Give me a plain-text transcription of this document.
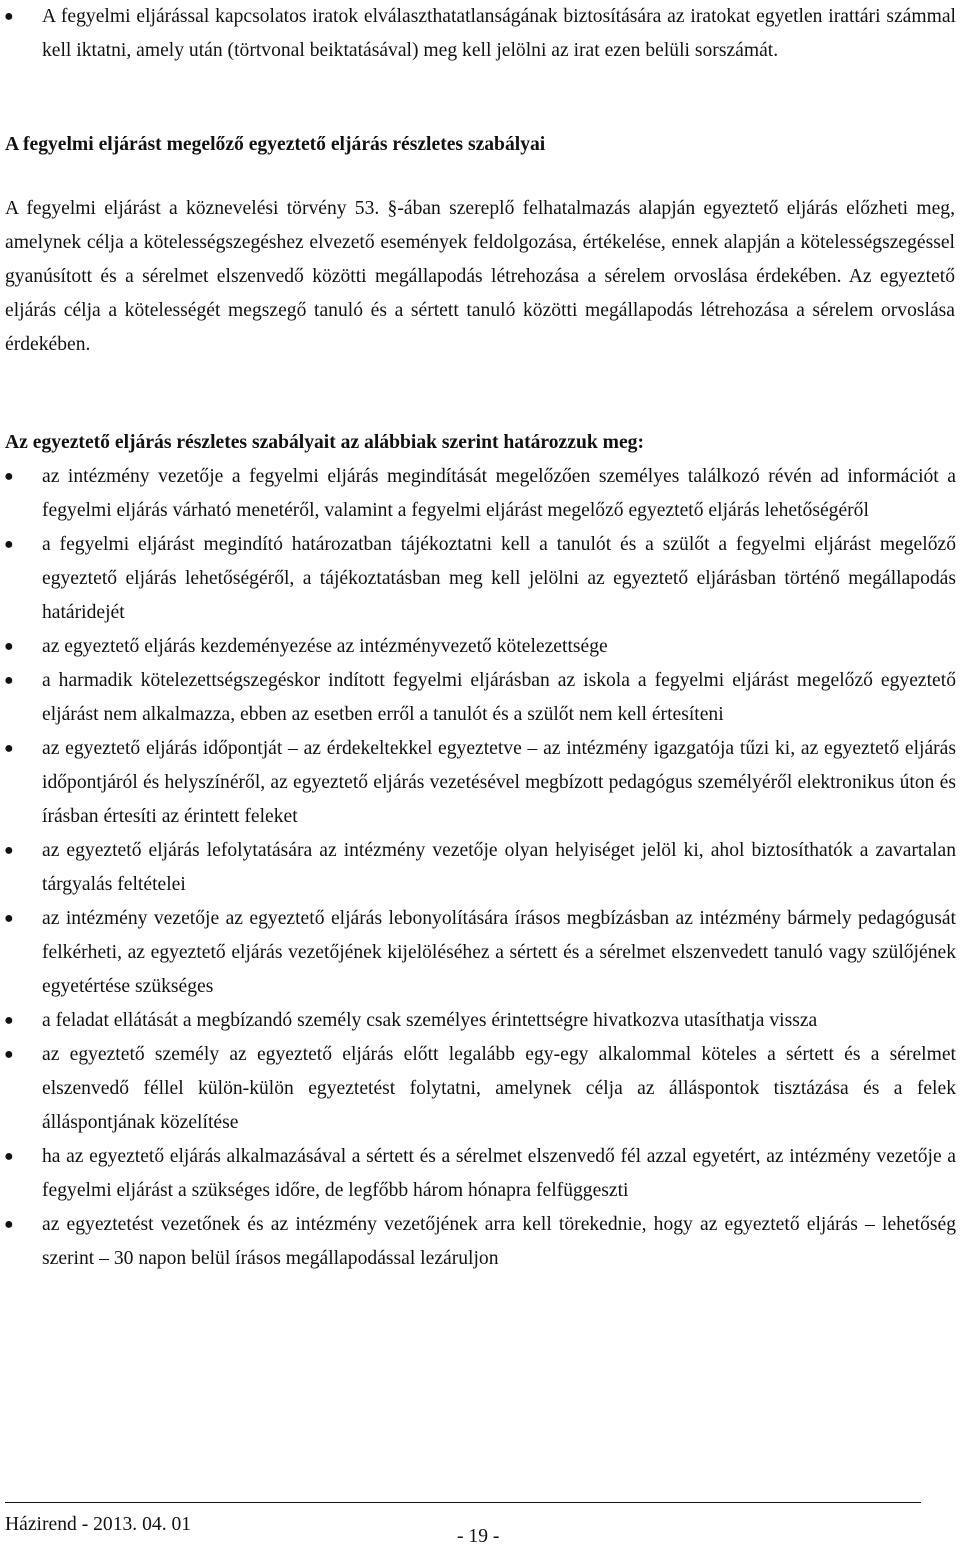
● A fegyelmi eljárással kapcsolatos iratok elválaszthatatlanságának biztosítására az iratokat egyetlen irattári számmal kell iktatni, amely után (törtvonal beiktatásával) meg kell jelölni az irat ezen belüli sorszámát.
A fegyelmi eljárást megelőző egyeztető eljárás részletes szabályai

A fegyelmi eljárást a köznevelési törvény 53. §-ában szereplő felhatalmazás alapján egyeztető eljárás előzheti meg, amelynek célja a kötelességszegéshez elvezető események feldolgozása, értékelése, ennek alapján a kötelességszegéssel gyanúsított és a sérelmet elszenvedő közötti megállapodás létrehozása a sérelem orvoslása érdekében. Az egyeztető eljárás célja a kötelességét megszegő tanuló és a sértett tanuló közötti megállapodás létrehozása a sérelem orvoslása érdekében.

Az egyeztető eljárás részletes szabályait az alábbiak szerint határozzuk meg:
● az intézmény vezetője a fegyelmi eljárás megindítását megelőzően személyes találkozó révén ad információt a fegyelmi eljárás várható menetéről, valamint a fegyelmi eljárást megelőző egyeztető eljárás lehetőségéről
● a fegyelmi eljárást megindító határozatban tájékoztatni kell a tanulót és a szülőt a fegyelmi eljárást megelőző egyeztető eljárás lehetőségéről, a tájékoztatásban meg kell jelölni az egyeztető eljárásban történő megállapodás határidejét
● az egyeztető eljárás kezdeményezése az intézményvezető kötelezettsége
● a harmadik kötelezettségszegéskor indított fegyelmi eljárásban az iskola a fegyelmi eljárást megelőző egyeztető eljárást nem alkalmazza, ebben az esetben erről a tanulót és a szülőt nem kell értesíteni
● az egyeztető eljárás időpontját – az érdekeltekkel egyeztetve – az intézmény igazgatója tűzi ki, az egyeztető eljárás időpontjáról és helyszínéről, az egyeztető eljárás vezetésével megbízott pedagógus személyéről elektronikus úton és írásban értesíti az érintett feleket
● az egyeztető eljárás lefolytatására az intézmény vezetője olyan helyiséget jelöl ki, ahol biztosíthatók a zavartalan tárgyalás feltételei
● az intézmény vezetője az egyeztető eljárás lebonyolítására írásos megbízásban az intézmény bármely pedagógusát felkérheti, az egyeztető eljárás vezetőjének kijelöléséhez a sértett és a sérelmet elszenvedett tanuló vagy szülőjének egyetértése szükséges
● a feladat ellátását a megbízandó személy csak személyes érintettségre hivatkozva utasíthatja vissza
● az egyeztető személy az egyeztető eljárás előtt legalább egy-egy alkalommal köteles a sértett és a sérelmet elszenvedő féllel külön-külön egyeztetést folytatni, amelynek célja az álláspontok tisztázása és a felek álláspontjának közelítése
● ha az egyeztető eljárás alkalmazásával a sértett és a sérelmet elszenvedő fél azzal egyetért, az intézmény vezetője a fegyelmi eljárást a szükséges időre, de legfőbb három hónapra felfüggeszti
● az egyeztetést vezetőnek és az intézmény vezetőjének arra kell törekednie, hogy az egyeztető eljárás – lehetőség szerint – 30 napon belül írásos megállapodással lezáruljon
Házirend - 2013. 04. 01
- 19 -
